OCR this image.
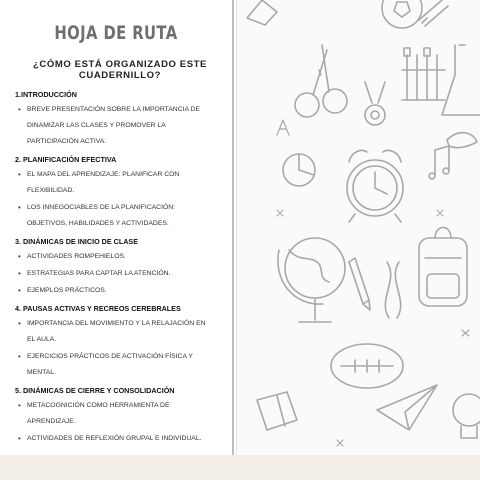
HOJA DE RUTA
¿CÓMO ESTÁ ORGANIZADO ESTE CUADERNILLO?
1.INTRODUCCIÓN
• BREVE PRESENTACIÓN SOBRE LA IMPORTANCIA DE DINAMIZAR LAS CLASES Y PROMOVER LA PARTICIPACIÓN ACTIVA.
2. PLANIFICACIÓN EFECTIVA
• EL MAPA DEL APRENDIZAJE: PLANIFICAR CON FLEXIBILIDAD.
• LOS INNEGOCIABLES DE LA PLANIFICACIÓN: OBJETIVOS, HABILIDADES Y ACTIVIDADES.
3. DINÁMICAS DE INICIO DE CLASE
• ACTIVIDADES ROMPEHIELOS.
• ESTRATEGIAS PARA CAPTAR LA ATENCIÓN.
• EJEMPLOS PRÁCTICOS.
4. PAUSAS ACTIVAS Y RECREOS CEREBRALES
• IMPORTANCIA DEL MOVIMIENTO Y LA RELAJACIÓN EN EL AULA.
• EJERCICIOS PRÁCTICOS DE ACTIVACIÓN FÍSICA Y MENTAL.
5. DINÁMICAS DE CIERRE Y CONSOLIDACIÓN
• METACOGNICIÓN COMO HERRAMIENTA DE APRENDIZAJE.
• ACTIVIDADES DE REFLEXIÓN GRUPAL E INDIVIDUAL.
